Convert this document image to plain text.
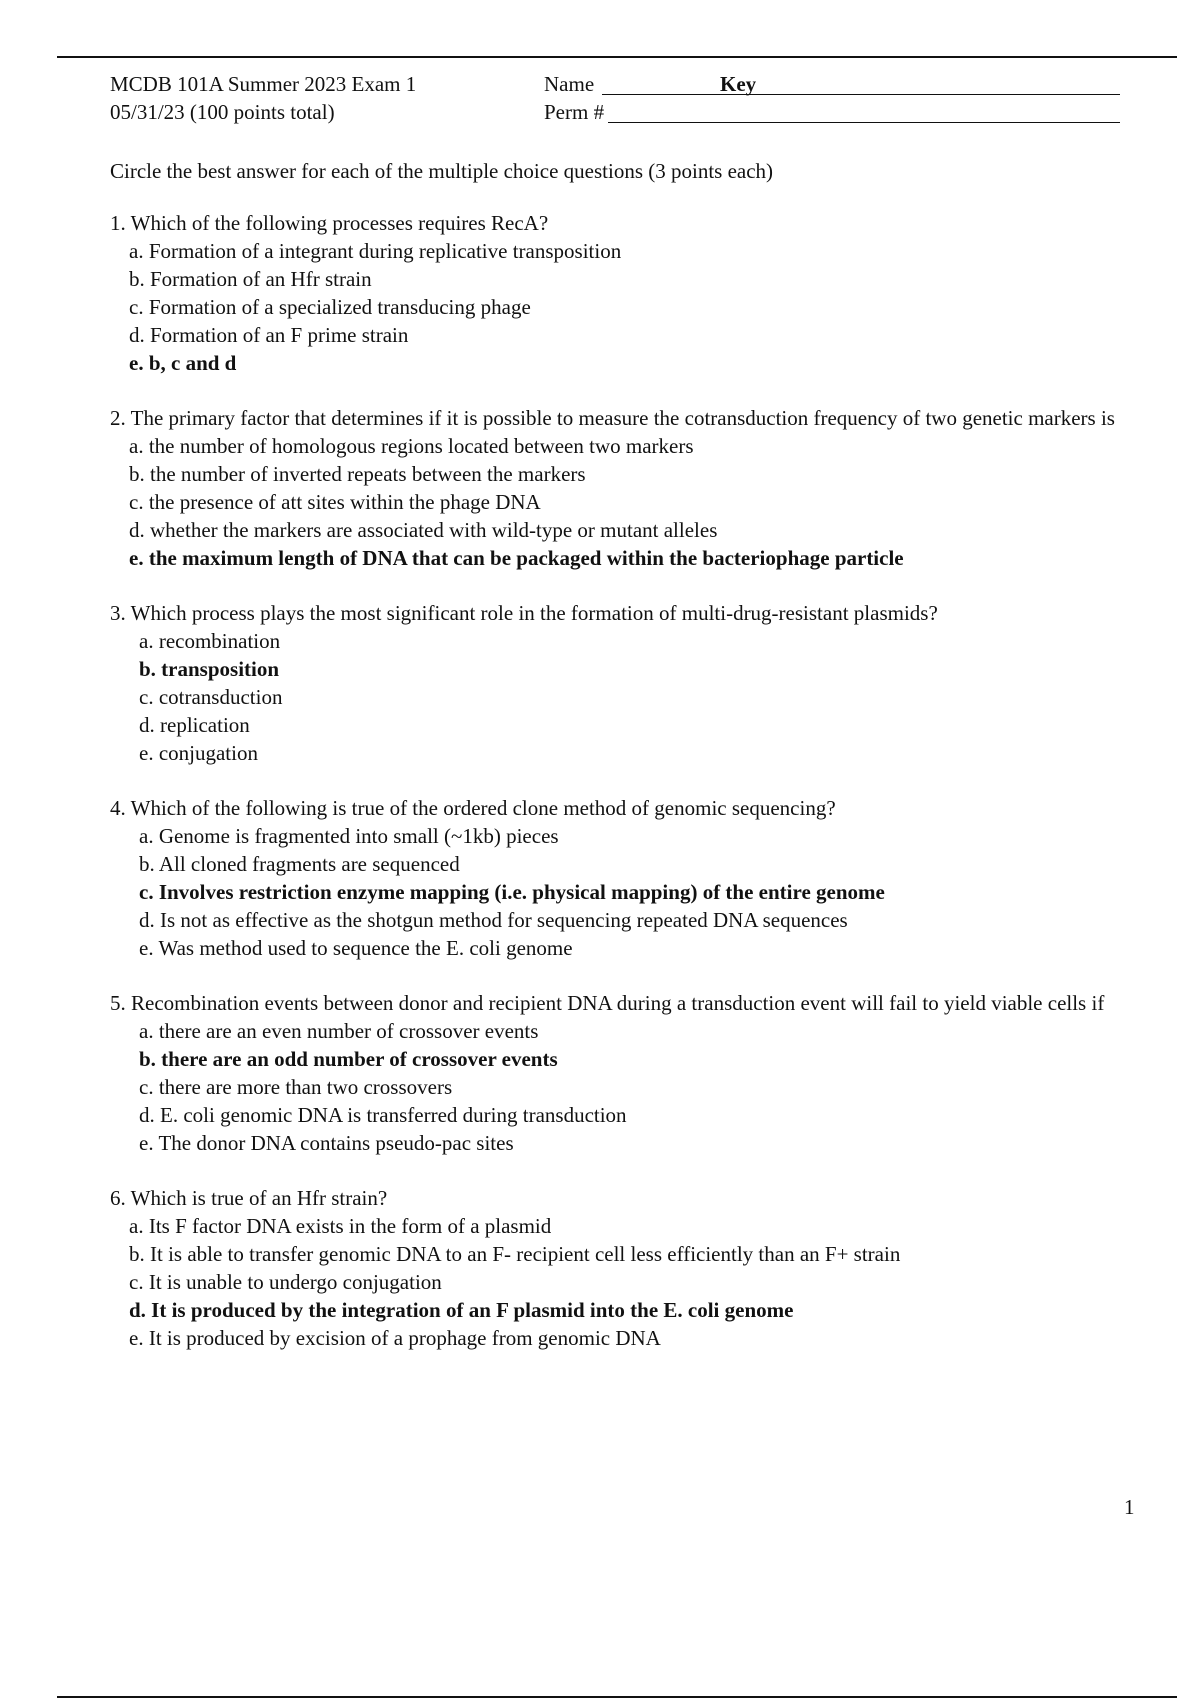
MCDB 101A Summer 2023 Exam 1
05/31/23 (100 points total)
Name	Key
Perm #
Circle the best answer for each of the multiple choice questions (3 points each)

1. Which of the following processes requires RecA?

a. Formation of a integrant during replicative transposition
b. Formation of an Hfr strain
c. Formation of a specialized transducing phage
d. Formation of an F prime strain
e. b, c and d

2. The primary factor that determines if it is possible to measure the cotransduction frequency of two genetic markers is

a. the number of homologous regions located between two markers
b. the number of inverted repeats between the markers
c. the presence of att sites within the phage DNA
d. whether the markers are associated with wild-type or mutant alleles
e. the maximum length of DNA that can be packaged within the bacteriophage particle

3. Which process plays the most significant role in the formation of multi-drug-resistant plasmids?

a. recombination
b. transposition
c. cotransduction
d. replication
e. conjugation

4. Which of the following is true of the ordered clone method of genomic sequencing?

a. Genome is fragmented into small (~1kb) pieces
b. All cloned fragments are sequenced
c. Involves restriction enzyme mapping (i.e. physical mapping) of the entire genome
d. Is not as effective as the shotgun method for sequencing repeated DNA sequences
e. Was method used to sequence the E. coli genome

5. Recombination events between donor and recipient DNA during a transduction event will fail to yield viable cells if

a. there are an even number of crossover events
b. there are an odd number of crossover events
c. there are more than two crossovers
d. E. coli genomic DNA is transferred during transduction
e. The donor DNA contains pseudo-pac sites

6. Which is true of an Hfr strain?

a. Its F factor DNA exists in the form of a plasmid
b. It is able to transfer genomic DNA to an F- recipient cell less efficiently than an F+ strain
c. It is unable to undergo conjugation
d. It is produced by the integration of an F plasmid into the E. coli genome
e. It is produced by excision of a prophage from genomic DNA
1
